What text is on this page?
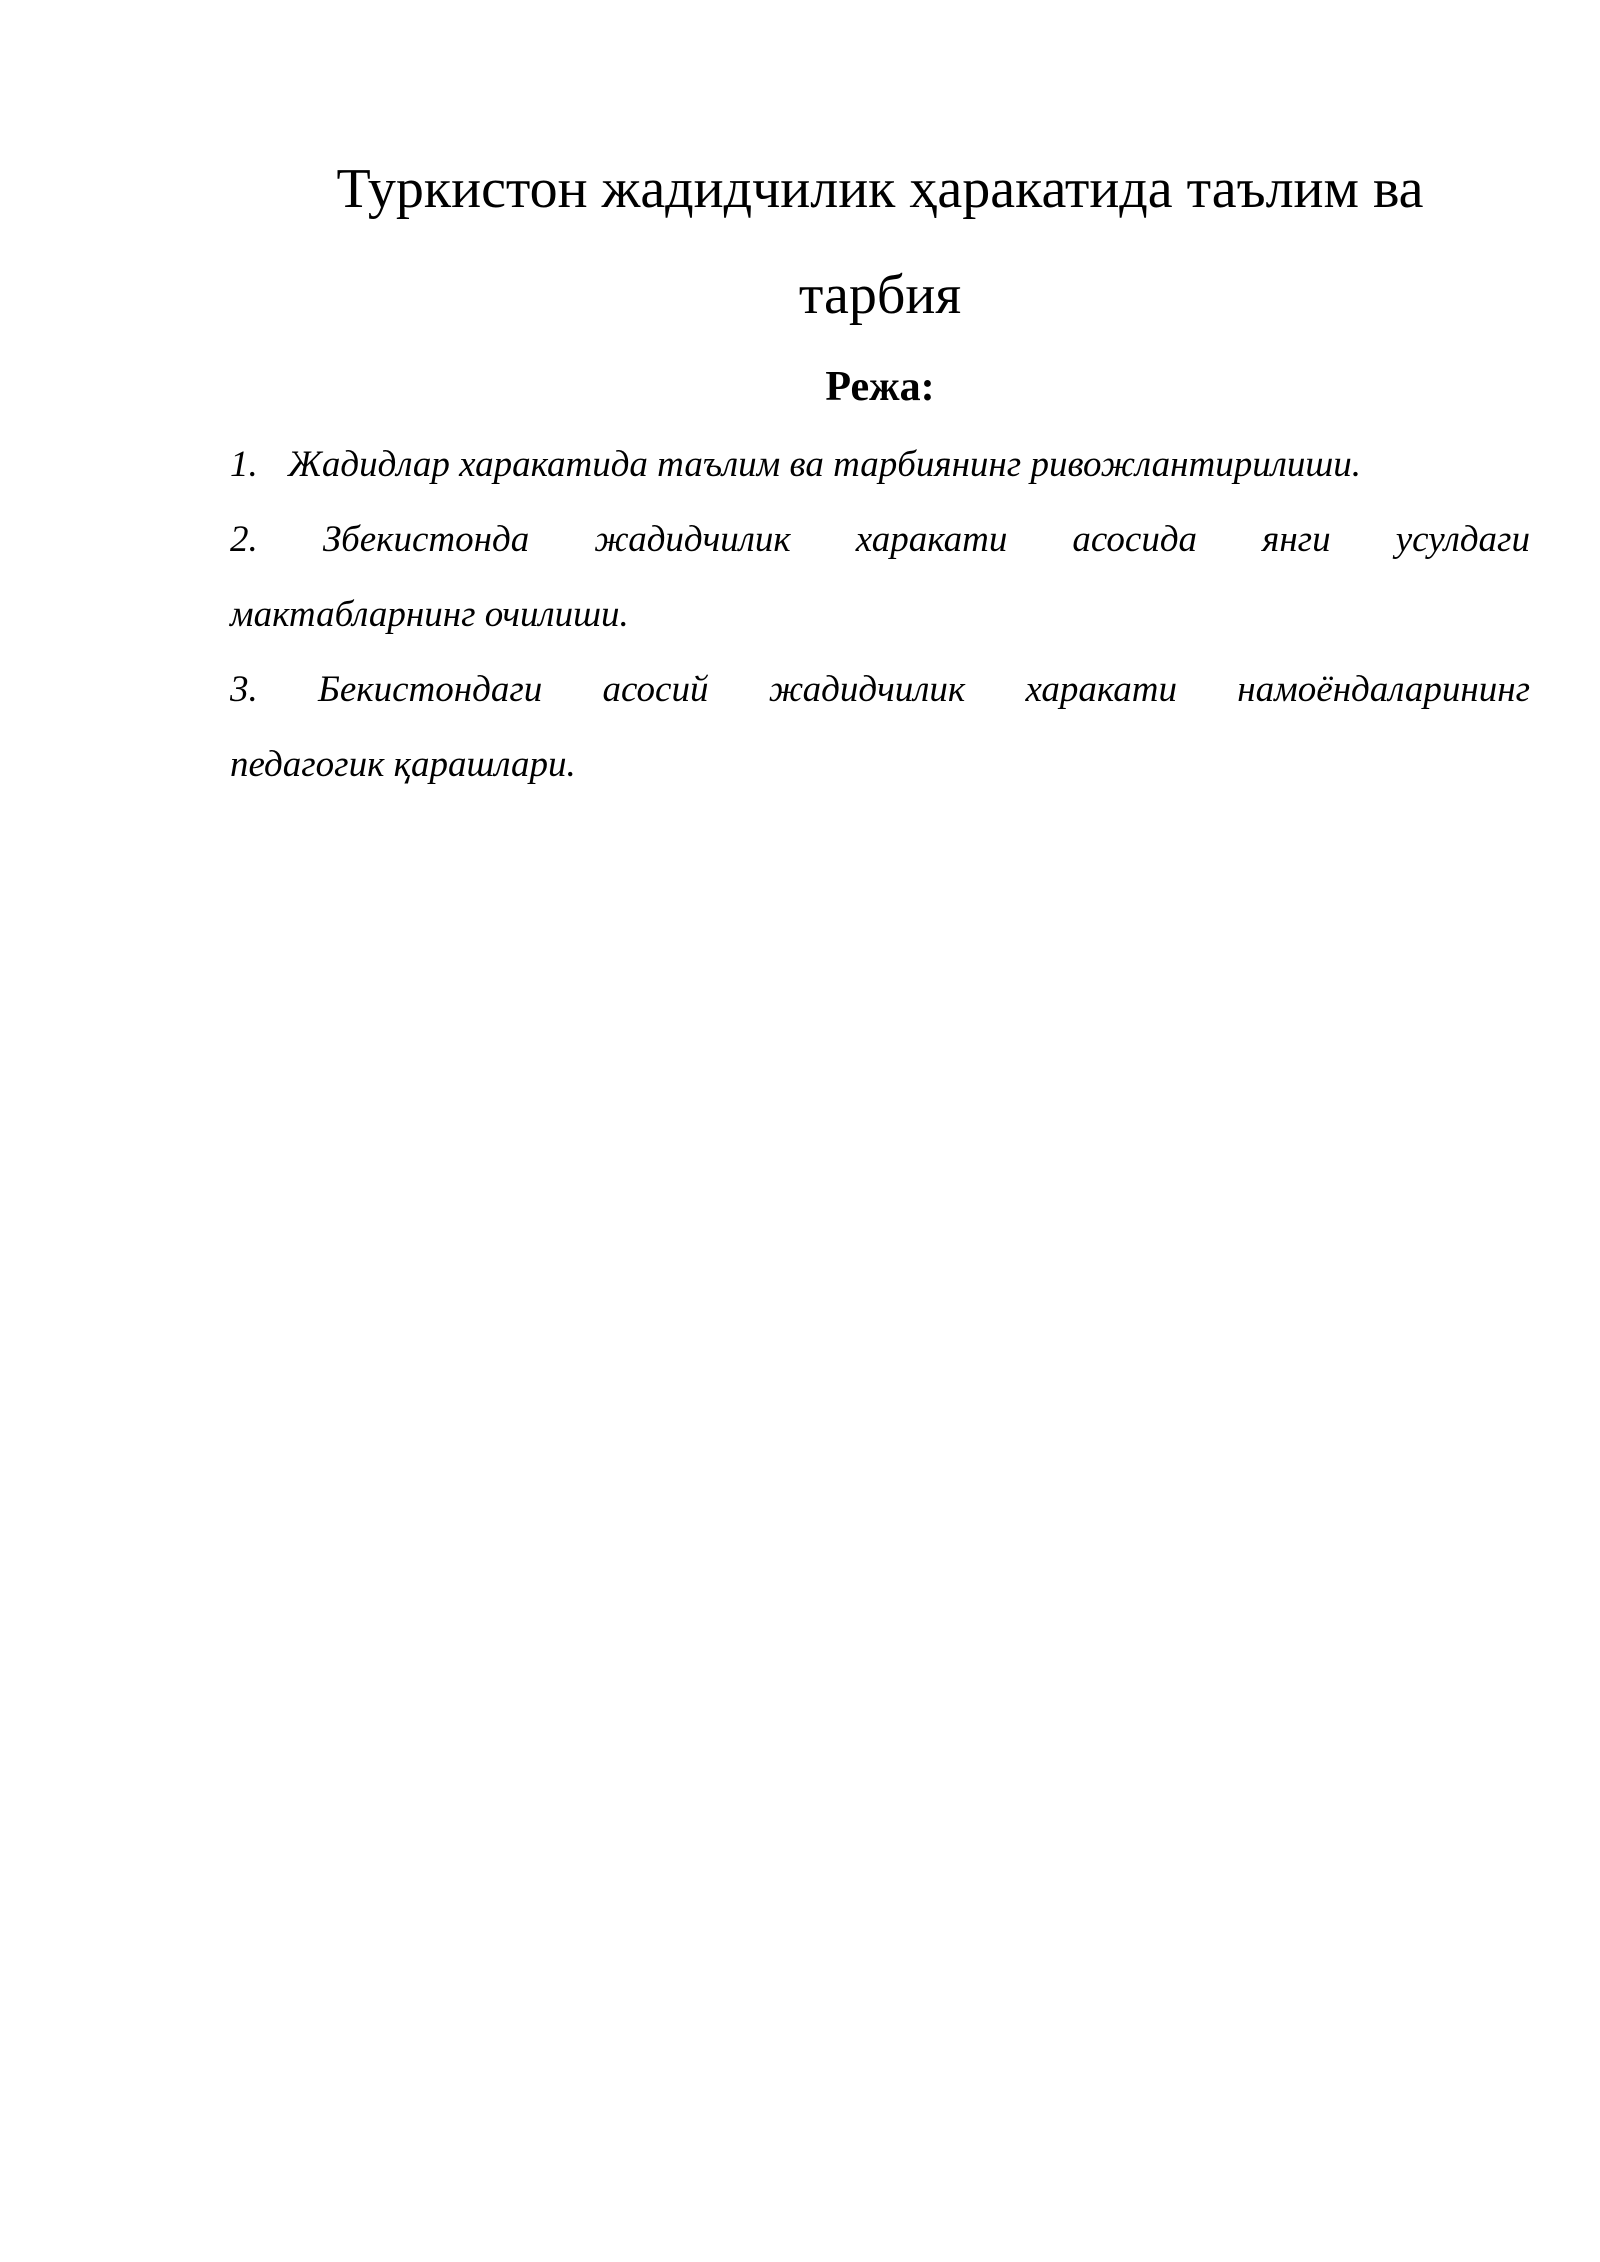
Туркистон жадидчилик ҳаракатида таълим ва
тарбия
Режа:
1. Жадидлар харакатида таълим ва тарбиянинг ривожлантирилиши.
2. Збекистонда жадидчилик харакати асосида янги усулдаги
мактабларнинг очилиши.
3. Бекистондаги асосий жадидчилик харакати намоёндаларининг
педагогик қарашлари.
